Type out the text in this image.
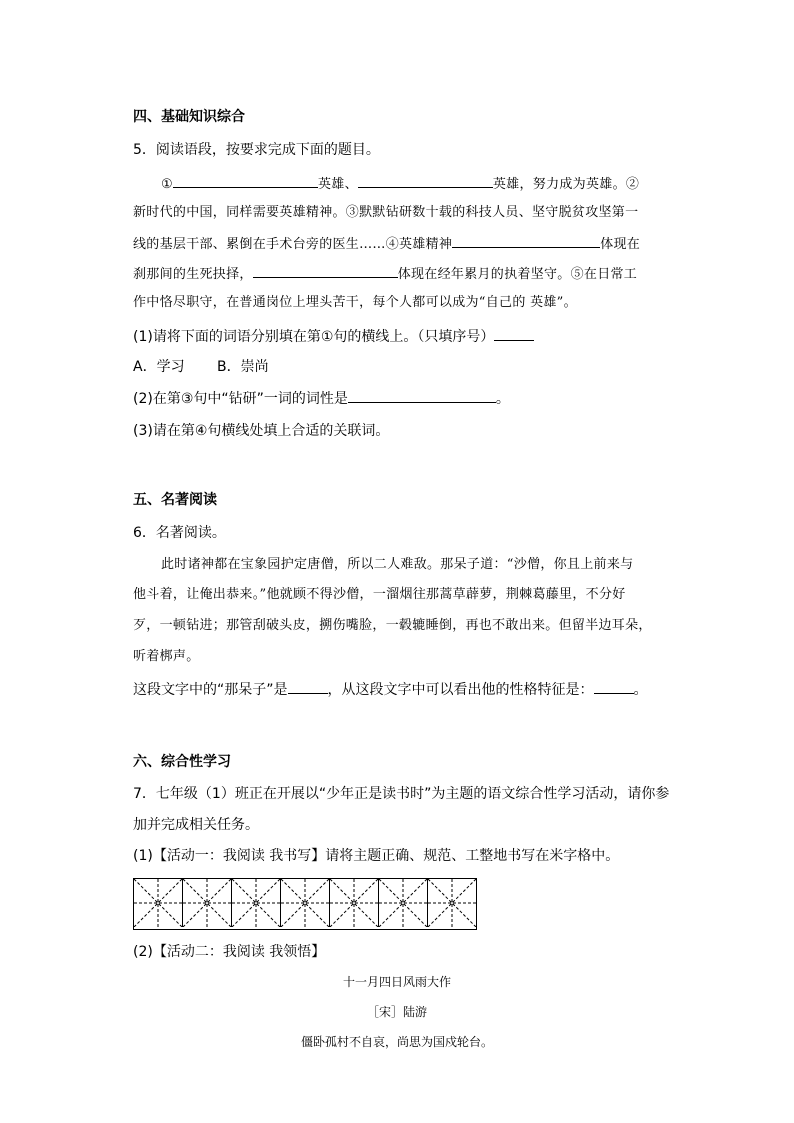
四、基础知识综合
5．阅读语段，按要求完成下面的题目。
①	英雄、	英雄，努力成为英雄。②
新时代的中国，同样需要英雄精神。③默默钻研数十载的科技人员、坚守脱贫攻坚第一
线的基层干部、累倒在手术台旁的医生……④英雄精神	体现在
刹那间的生死抉择，	体现在经年累月的执着坚守。⑤在日常工
作中恪尽职守，在普通岗位上埋头苦干，每个人都可以成为“自己的 英雄”。
(1)请将下面的词语分别填在第①句的横线上。（只填序号）
A．学习　　 B．崇尚
(2)在第③句中“钻研”一词的词性是	。
(3)请在第④句横线处填上合适的关联词。
五、名著阅读
6．名著阅读。
此时诸神都在宝象园护定唐僧，所以二人难敌。那呆子道：“沙僧，你且上前来与
他斗着，让俺出恭来。”他就顾不得沙僧，一溜烟往那蒿草薜萝，荆棘葛藤里，不分好
歹，一顿钻进；那管刮破头皮，搠伤嘴脸，一毂辘睡倒，再也不敢出来。但留半边耳朵，
听着梆声。
这段文字中的“那呆子”是	，从这段文字中可以看出他的性格特征是：	。
六、综合性学习
7．七年级（1）班正在开展以“少年正是读书时”为主题的语文综合性学习活动，请你参
加并完成相关任务。
(1)【活动一：我阅读 我书写】请将主题正确、规范、工整地书写在米字格中。
(2)【活动二：我阅读 我领悟】
十一月四日风雨大作
［宋］陆游
僵卧孤村不自哀，尚思为国戍轮台。
